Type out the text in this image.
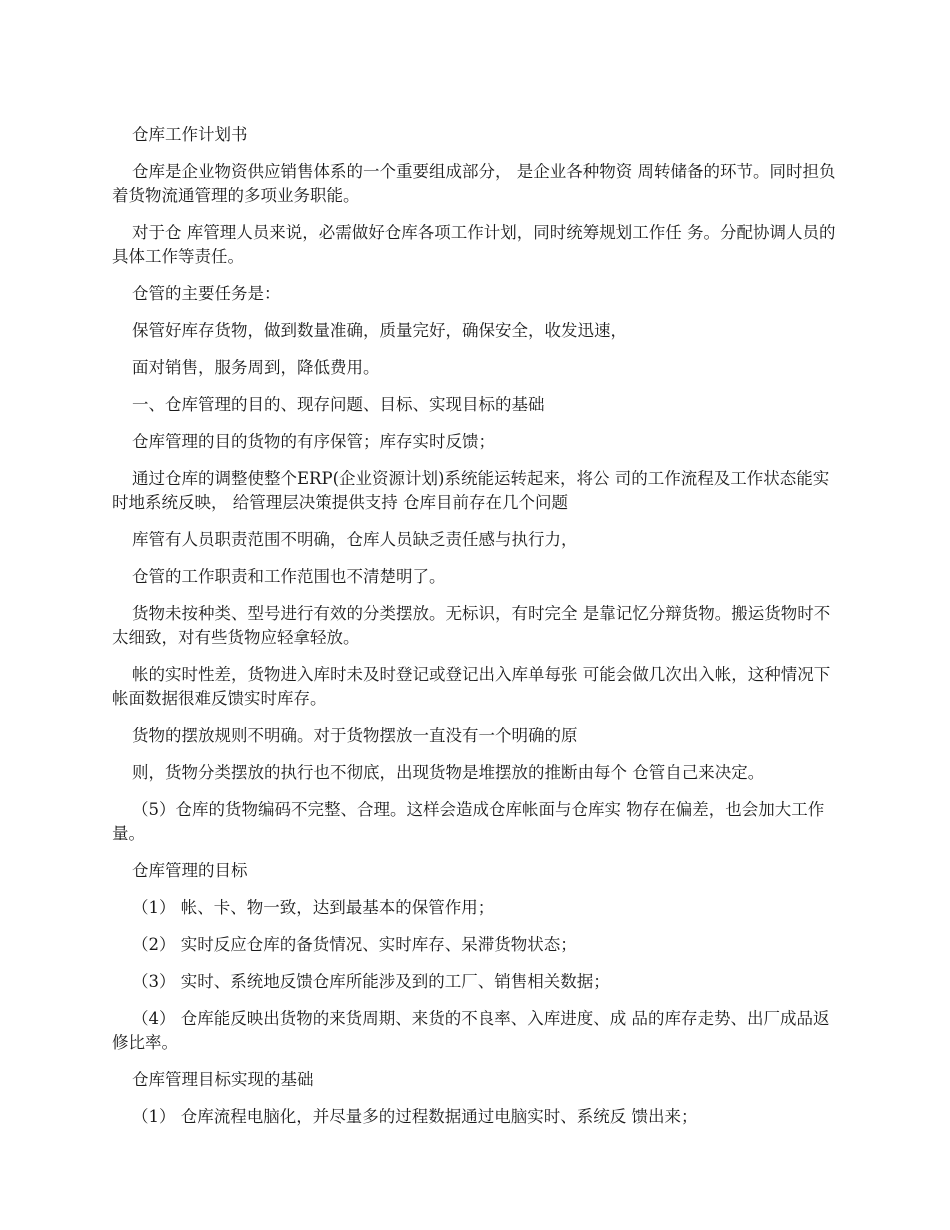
仓库工作计划书

仓库是企业物资供应销售体系的一个重要组成部分， 是企业各种物资 周转储备的环节。同时担负着货物流通管理的多项业务职能。

对于仓 库管理人员来说，必需做好仓库各项工作计划，同时统筹规划工作任 务。分配协调人员的具体工作等责任。

仓管的主要任务是：

保管好库存货物，做到数量准确，质量完好，确保安全，收发迅速，

面对销售，服务周到，降低费用。

一、仓库管理的目的、现存问题、目标、实现目标的基础

仓库管理的目的货物的有序保管；库存实时反馈；

通过仓库的调整使整个ERP(企业资源计划)系统能运转起来，将公 司的工作流程及工作状态能实时地系统反映， 给管理层决策提供支持 仓库目前存在几个问题

库管有人员职责范围不明确，仓库人员缺乏责任感与执行力，

仓管的工作职责和工作范围也不清楚明了。

货物未按种类、型号进行有效的分类摆放。无标识，有时完全 是靠记忆分辩货物。搬运货物时不太细致，对有些货物应轻拿轻放。

帐的实时性差，货物进入库时未及时登记或登记出入库单每张 可能会做几次出入帐，这种情况下帐面数据很难反馈实时库存。

货物的摆放规则不明确。对于货物摆放一直没有一个明确的原

则，货物分类摆放的执行也不彻底，出现货物是堆摆放的推断由每个 仓管自己来决定。

（5）仓库的货物编码不完整、合理。这样会造成仓库帐面与仓库实 物存在偏差，也会加大工作量。

仓库管理的目标

（1） 帐、卡、物一致，达到最基本的保管作用；

（2） 实时反应仓库的备货情况、实时库存、呆滞货物状态；

（3） 实时、系统地反馈仓库所能涉及到的工厂、销售相关数据；

（4） 仓库能反映出货物的来货周期、来货的不良率、入库进度、成 品的库存走势、出厂成品返修比率。

仓库管理目标实现的基础

（1） 仓库流程电脑化，并尽量多的过程数据通过电脑实时、系统反 馈出来；
